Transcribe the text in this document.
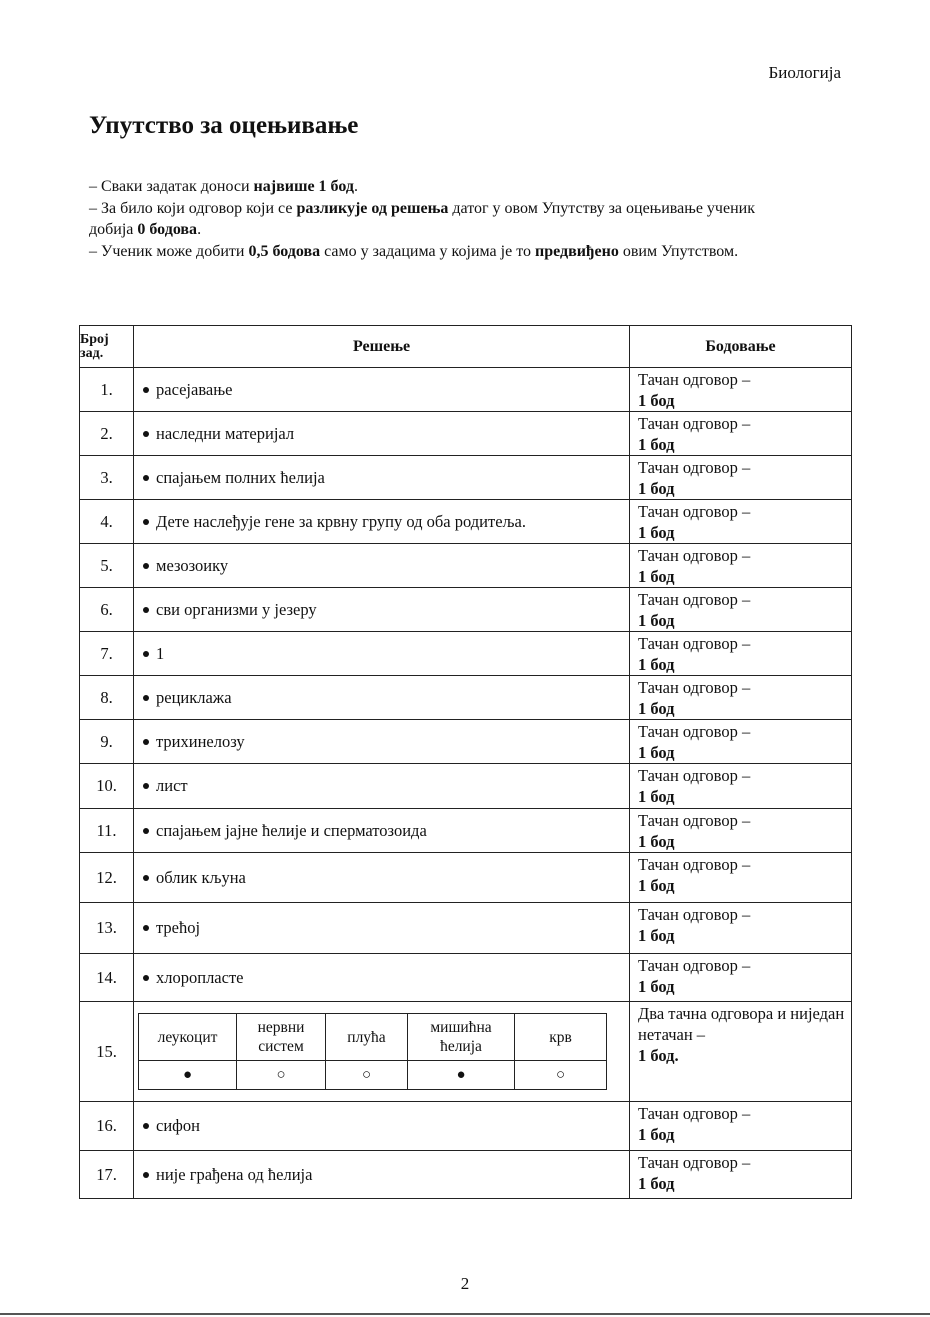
Биологија
Упутство за оцењивање

– Сваки задатак доноси највише 1 бод.

– За било који одговор који се разликује од решења датог у овом Упутству за оцењивање ученик добија 0 бодова.

– Ученик може добити 0,5 бодова само у задацима у којима је то предвиђено овим Упутством.

Број зад.	Решење	Бодовање
1.	расејавање	Тачан одговор –
1 бод

2.	наследни материјал	Тачан одговор –
1 бод

3.	спајањем полних ћелија	Тачан одговор –
1 бод

4.	Дете наслеђује гене за крвну групу од оба родитеља.	Тачан одговор –
1 бод

5.	мезозоику	Тачан одговор –
1 бод

6.	сви организми у језеру	Тачан одговор –
1 бод

7.	1	Тачан одговор –
1 бод

8.	рециклажа	Тачан одговор –
1 бод

9.	трихинелозу	Тачан одговор –
1 бод

10.	лист	Тачан одговор –
1 бод

11.	спајањем јајне ћелије и сперматозоида	Тачан одговор –
1 бод

12.	облик кљуна	Тачан одговор –
1 бод

13.	трећој	Тачан одговор –
1 бод

14.	хлоропласте	Тачан одговор –
1 бод

15.	
леукоцит	нервни систем	плућа	мишићна ћелија	крв
●	○	○	●	○
	Два тачна одговора и ниједан нетачан –
1 бод.

16.	сифон	Тачан одговор –
1 бод

17.	није грађена од ћелија	Тачан одговор –
1 бод
2
